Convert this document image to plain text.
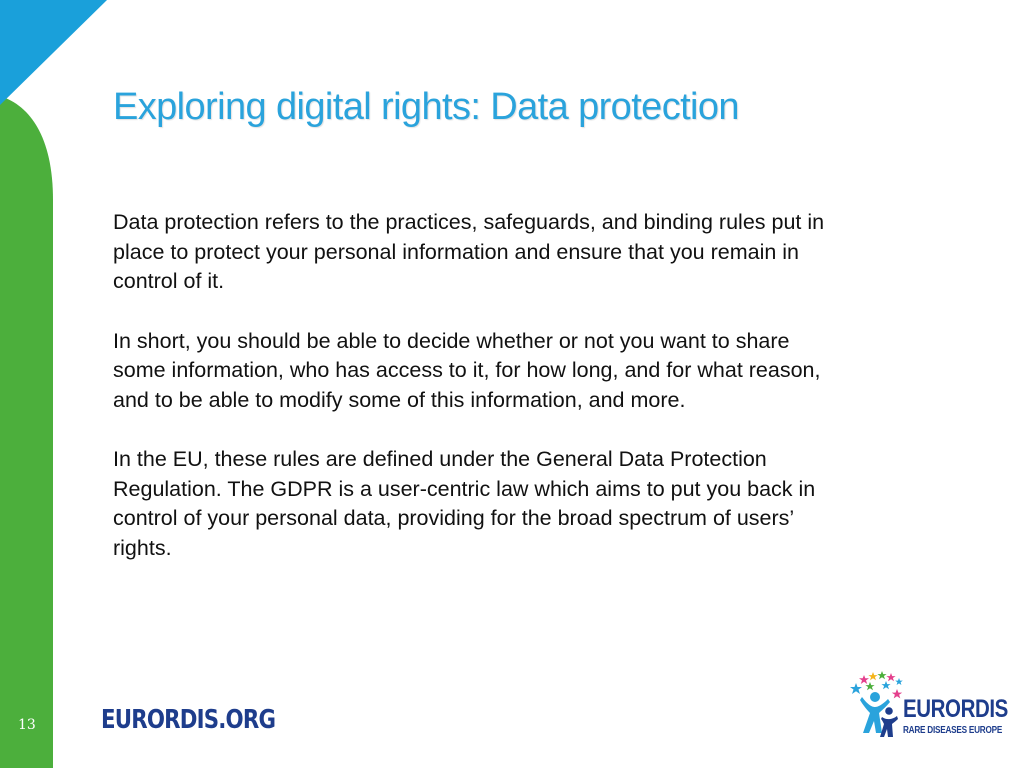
Exploring digital rights: Data protection

Data protection refers to the practices, safeguards, and binding rules put in
place to protect your personal information and ensure that you remain in
control of it.

In short, you should be able to decide whether or not you want to share
some information, who has access to it, for how long, and for what reason,
and to be able to modify some of this information, and more.

In the EU, these rules are defined under the General Data Protection
Regulation. The GDPR is a user-centric law which aims to put you back in
control of your personal data, providing for the broad spectrum of users’
rights.

13	EURORDIS.ORG	EURORDIS
RARE DISEASES EUROPE
